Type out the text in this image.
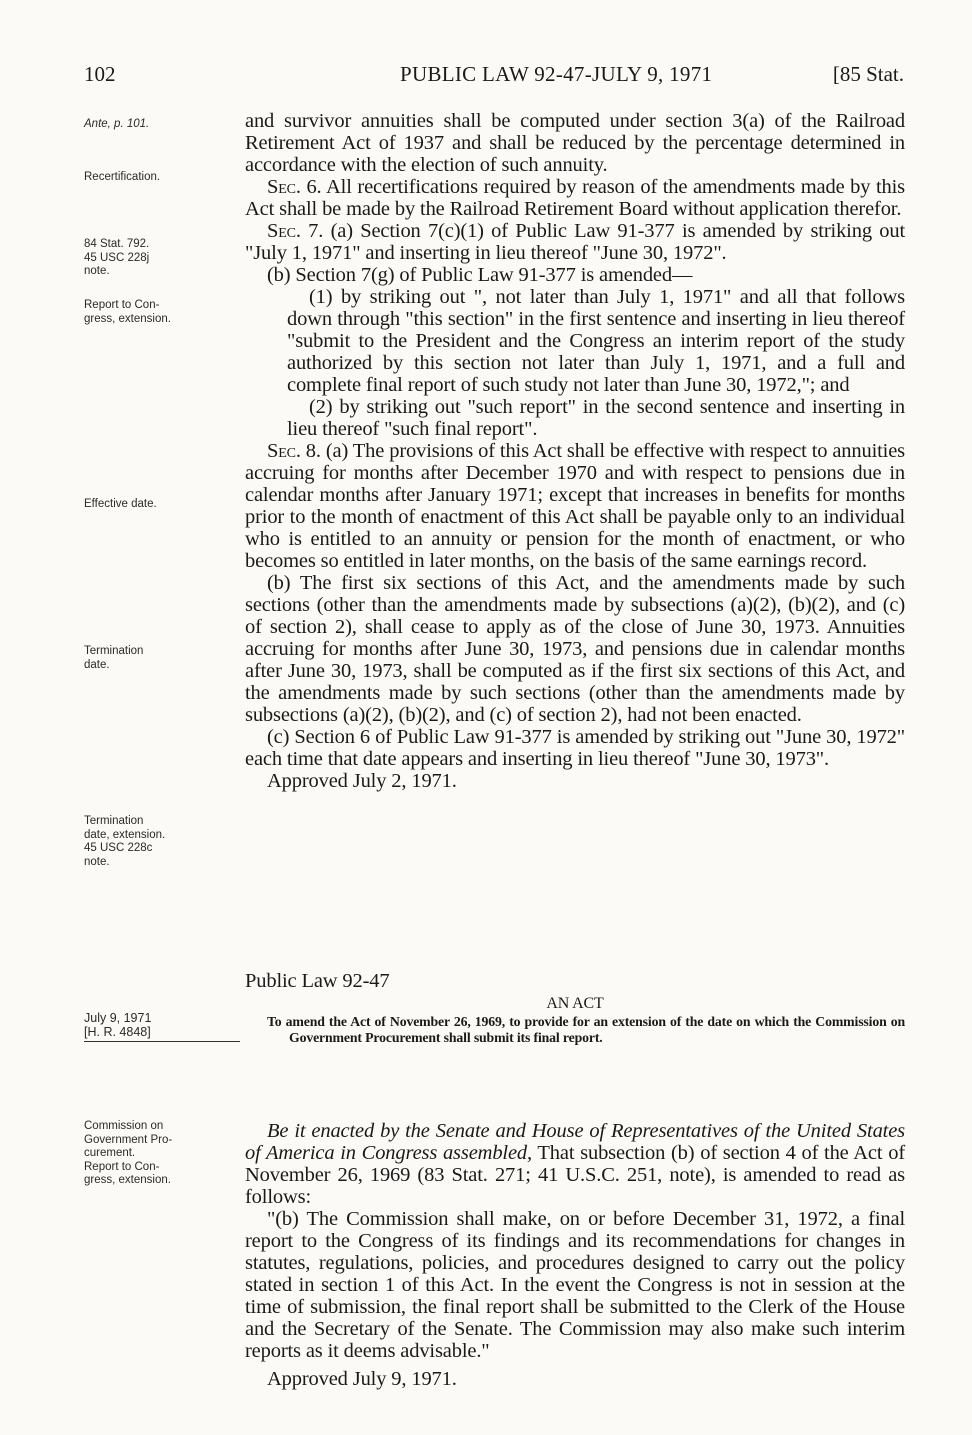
102	PUBLIC LAW 92-47-JULY 9, 1971	[85 Stat.
Ante, p. 101.
Recertification.
84 Stat. 792.
45 USC 228j
note.
Report to Con-
gress, extension.
Effective date.
Termination
date.
Termination
date, extension.
45 USC 228c
note.
July 9, 1971
[H. R. 4848]
Commission on
Government Pro-
curement.
Report to Con-
gress, extension.

and survivor annuities shall be computed under section 3(a) of the Railroad Retirement Act of 1937 and shall be reduced by the percentage determined in accordance with the election of such annuity.

Sec. 6. All recertifications required by reason of the amendments made by this Act shall be made by the Railroad Retirement Board without application therefor.

Sec. 7. (a) Section 7(c)(1) of Public Law 91-377 is amended by striking out "July 1, 1971" and inserting in lieu thereof "June 30, 1972".

(b) Section 7(g) of Public Law 91-377 is amended—

(1) by striking out ", not later than July 1, 1971" and all that follows down through "this section" in the first sentence and inserting in lieu thereof "submit to the President and the Congress an interim report of the study authorized by this section not later than July 1, 1971, and a full and complete final report of such study not later than June 30, 1972,"; and

(2) by striking out "such report" in the second sentence and inserting in lieu thereof "such final report".

Sec. 8. (a) The provisions of this Act shall be effective with respect to annuities accruing for months after December 1970 and with respect to pensions due in calendar months after January 1971; except that increases in benefits for months prior to the month of enactment of this Act shall be payable only to an individual who is entitled to an annuity or pension for the month of enactment, or who becomes so entitled in later months, on the basis of the same earnings record.

(b) The first six sections of this Act, and the amendments made by such sections (other than the amendments made by subsections (a)(2), (b)(2), and (c) of section 2), shall cease to apply as of the close of June 30, 1973. Annuities accruing for months after June 30, 1973, and pensions due in calendar months after June 30, 1973, shall be computed as if the first six sections of this Act, and the amendments made by such sections (other than the amendments made by subsections (a)(2), (b)(2), and (c) of section 2), had not been enacted.

(c) Section 6 of Public Law 91-377 is amended by striking out "June 30, 1972" each time that date appears and inserting in lieu thereof "June 30, 1973".

Approved July 2, 1971.

Public Law 92-47

AN ACT

To amend the Act of November 26, 1969, to provide for an extension of the date on which the Commission on Government Procurement shall submit its final report.

Be it enacted by the Senate and House of Representatives of the United States of America in Congress assembled, That subsection (b) of section 4 of the Act of November 26, 1969 (83 Stat. 271; 41 U.S.C. 251, note), is amended to read as follows:

"(b) The Commission shall make, on or before December 31, 1972, a final report to the Congress of its findings and its recommendations for changes in statutes, regulations, policies, and procedures designed to carry out the policy stated in section 1 of this Act. In the event the Congress is not in session at the time of submission, the final report shall be submitted to the Clerk of the House and the Secretary of the Senate. The Commission may also make such interim reports as it deems advisable."

Approved July 9, 1971.
